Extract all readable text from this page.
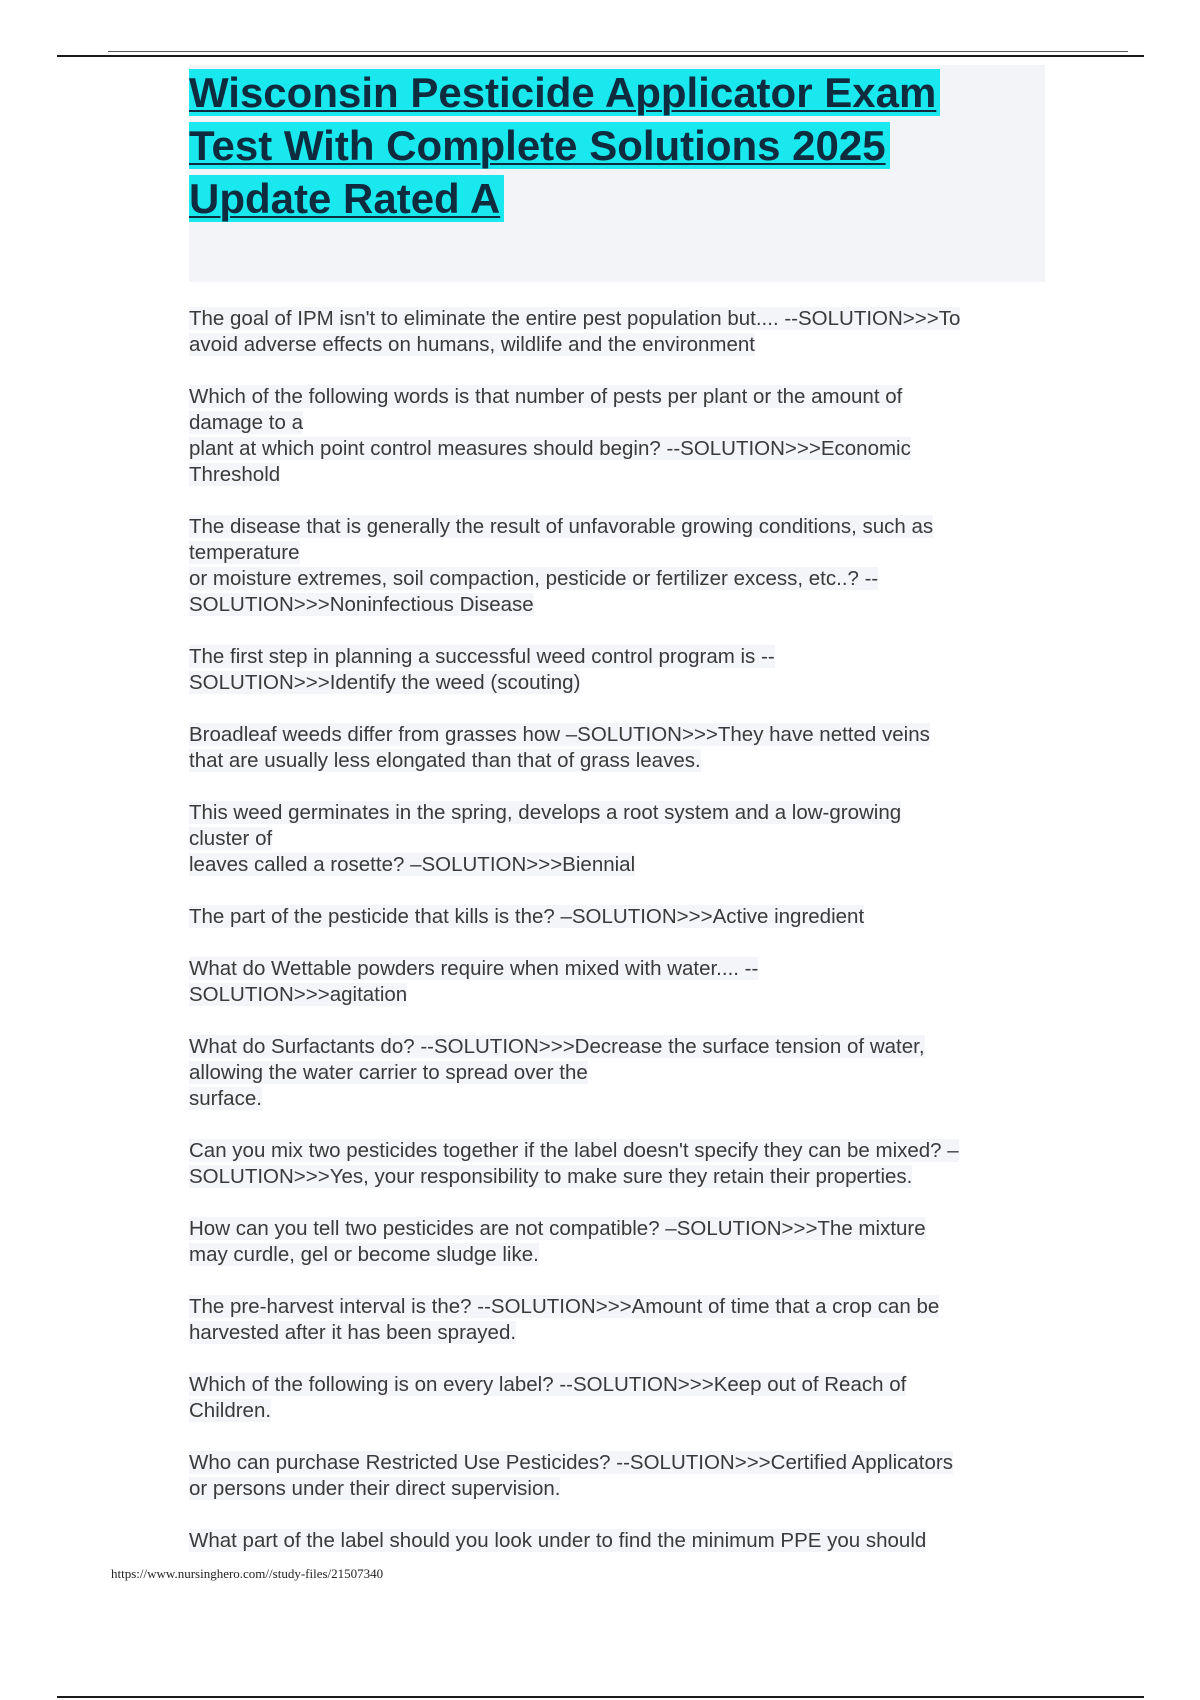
Wisconsin Pesticide Applicator Exam
Test With Complete Solutions 2025
Update Rated A

The goal of IPM isn't to eliminate the entire pest population but.... --SOLUTION>>>To
avoid adverse effects on humans, wildlife and the environment

Which of the following words is that number of pests per plant or the amount of
damage to a
plant at which point control measures should begin? --SOLUTION>>>Economic
Threshold

The disease that is generally the result of unfavorable growing conditions, such as
temperature
or moisture extremes, soil compaction, pesticide or fertilizer excess, etc..? --
SOLUTION>>>Noninfectious Disease

The first step in planning a successful weed control program is --
SOLUTION>>>Identify the weed (scouting)

Broadleaf weeds differ from grasses how –SOLUTION>>>They have netted veins
that are usually less elongated than that of grass leaves.

This weed germinates in the spring, develops a root system and a low-growing
cluster of
leaves called a rosette? –SOLUTION>>>Biennial

The part of the pesticide that kills is the? –SOLUTION>>>Active ingredient

What do Wettable powders require when mixed with water.... --
SOLUTION>>>agitation

What do Surfactants do? --SOLUTION>>>Decrease the surface tension of water,
allowing the water carrier to spread over the
surface.

Can you mix two pesticides together if the label doesn't specify they can be mixed? –
SOLUTION>>>Yes, your responsibility to make sure they retain their properties.

How can you tell two pesticides are not compatible? –SOLUTION>>>The mixture
may curdle, gel or become sludge like.

The pre-harvest interval is the? --SOLUTION>>>Amount of time that a crop can be
harvested after it has been sprayed.

Which of the following is on every label? --SOLUTION>>>Keep out of Reach of
Children.

Who can purchase Restricted Use Pesticides? --SOLUTION>>>Certified Applicators
or persons under their direct supervision.

What part of the label should you look under to find the minimum PPE you should

https://www.nursinghero.com//study-files/21507340
